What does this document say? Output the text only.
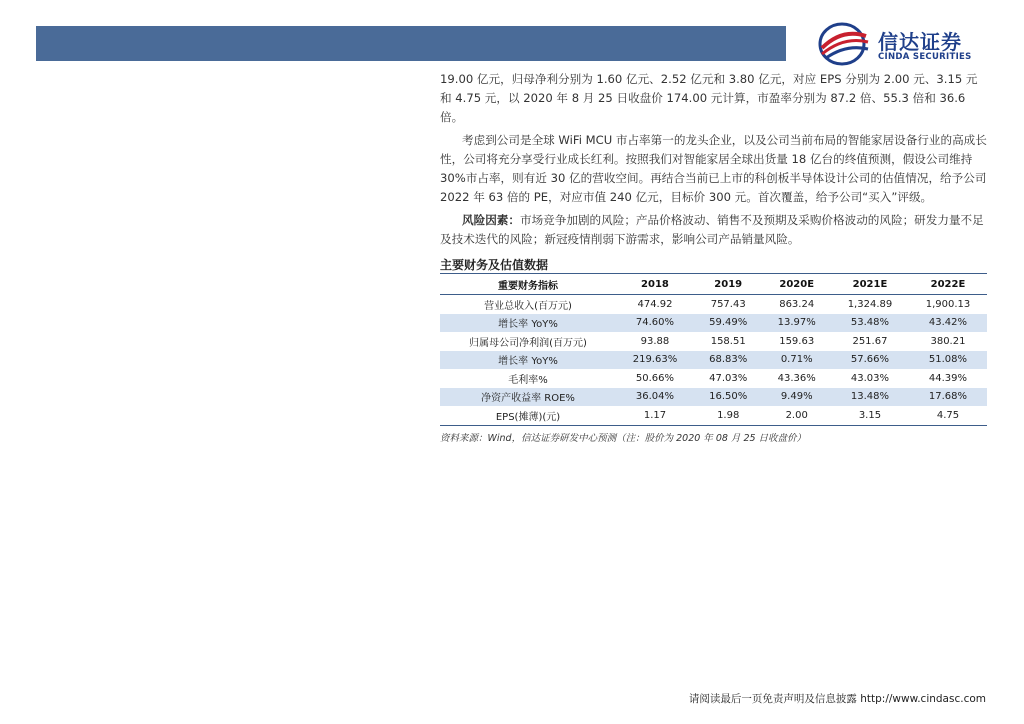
信达证券
CINDA SECURITIES

19.00 亿元，归母净利分别为 1.60 亿元、2.52 亿元和 3.80 亿元，对应 EPS 分别为 2.00 元、3.15 元和 4.75 元，以 2020 年 8 月 25 日收盘价 174.00 元计算，市盈率分别为 87.2 倍、55.3 倍和 36.6 倍。

考虑到公司是全球 WiFi MCU 市占率第一的龙头企业，以及公司当前布局的智能家居设备行业的高成长性，公司将充分享受行业成长红利。按照我们对智能家居全球出货量 18 亿台的终值预测，假设公司维持 30%市占率，则有近 30 亿的营收空间。再结合当前已上市的科创板半导体设计公司的估值情况，给予公司 2022 年 63 倍的 PE，对应市值 240 亿元，目标价 300 元。首次覆盖，给予公司“买入”评级。

风险因素：市场竞争加剧的风险；产品价格波动、销售不及预期及采购价格波动的风险；研发力量不足及技术迭代的风险；新冠疫情削弱下游需求，影响公司产品销量风险。

主要财务及估值数据
重要财务指标	2018	2019	2020E	2021E	2022E
营业总收入(百万元)	474.92	757.43	863.24	1,324.89	1,900.13
增长率 YoY%	74.60%	59.49%	13.97%	53.48%	43.42%
归属母公司净利润(百万元)	93.88	158.51	159.63	251.67	380.21
增长率 YoY%	219.63%	68.83%	0.71%	57.66%	51.08%
毛利率%	50.66%	47.03%	43.36%	43.03%	44.39%
净资产收益率 ROE%	36.04%	16.50%	9.49%	13.48%	17.68%
EPS(摊薄)(元)	1.17	1.98	2.00	3.15	4.75
资料来源：Wind，信达证券研发中心预测（注：股价为 2020 年 08 月 25 日收盘价）
请阅读最后一页免责声明及信息披露 http://www.cindasc.com
